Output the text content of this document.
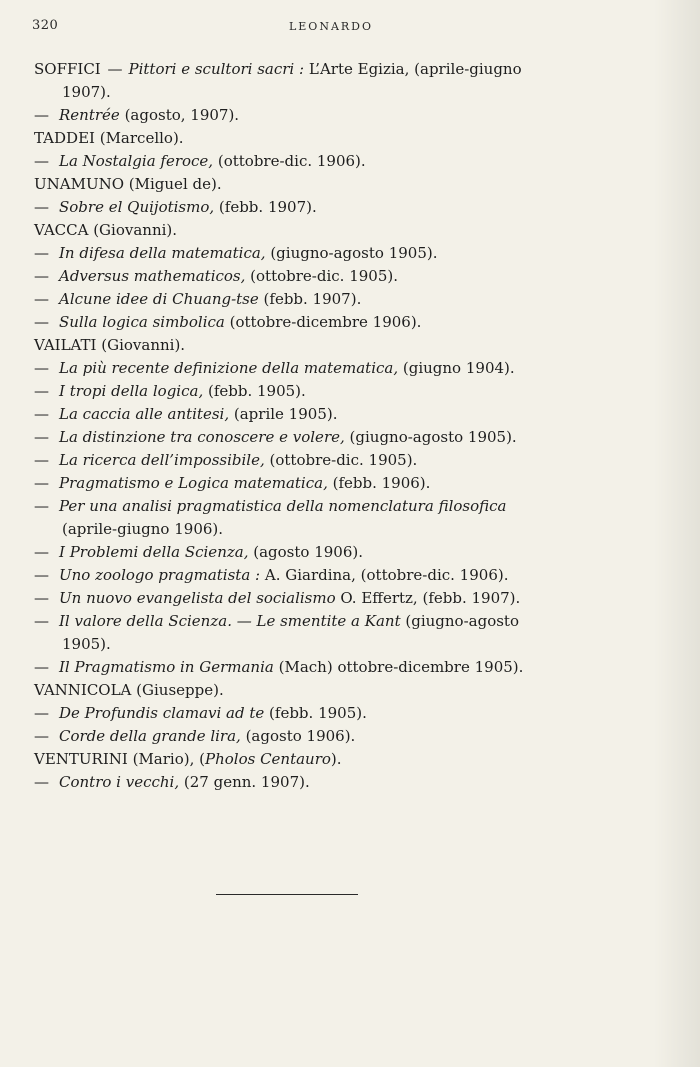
320	LEONARDO
SOFFICI — Pittori e scultori sacri : L’Arte Egizia, (aprile-giugno
1907).
— Rentrée (agosto, 1907).
TADDEI (Marcello).
— La Nostalgia feroce, (ottobre-dic. 1906).
UNAMUNO (Miguel de).
— Sobre el Quijotismo, (febb. 1907).
VACCA (Giovanni).
— In difesa della matematica, (giugno-agosto 1905).
— Adversus mathematicos, (ottobre-dic. 1905).
— Alcune idee di Chuang-tse (febb. 1907).
— Sulla logica simbolica (ottobre-dicembre 1906).
VAILATI (Giovanni).
— La più recente definizione della matematica, (giugno 1904).
— I tropi della logica, (febb. 1905).
— La caccia alle antitesi, (aprile 1905).
— La distinzione tra conoscere e volere, (giugno-agosto 1905).
— La ricerca dell’impossibile, (ottobre-dic. 1905).
— Pragmatismo e Logica matematica, (febb. 1906).
— Per una analisi pragmatistica della nomenclatura filosofica
(aprile-giugno 1906).
— I Problemi della Scienza, (agosto 1906).
— Uno zoologo pragmatista : A. Giardina, (ottobre-dic. 1906).
— Un nuovo evangelista del socialismo O. Effertz, (febb. 1907).
— Il valore della Scienza. — Le smentite a Kant (giugno-agosto
1905).
— Il Pragmatismo in Germania (Mach) ottobre-dicembre 1905).
VANNICOLA (Giuseppe).
— De Profundis clamavi ad te (febb. 1905).
— Corde della grande lira, (agosto 1906).
VENTURINI (Mario), (Pholos Centauro).
— Contro i vecchi, (27 genn. 1907).
